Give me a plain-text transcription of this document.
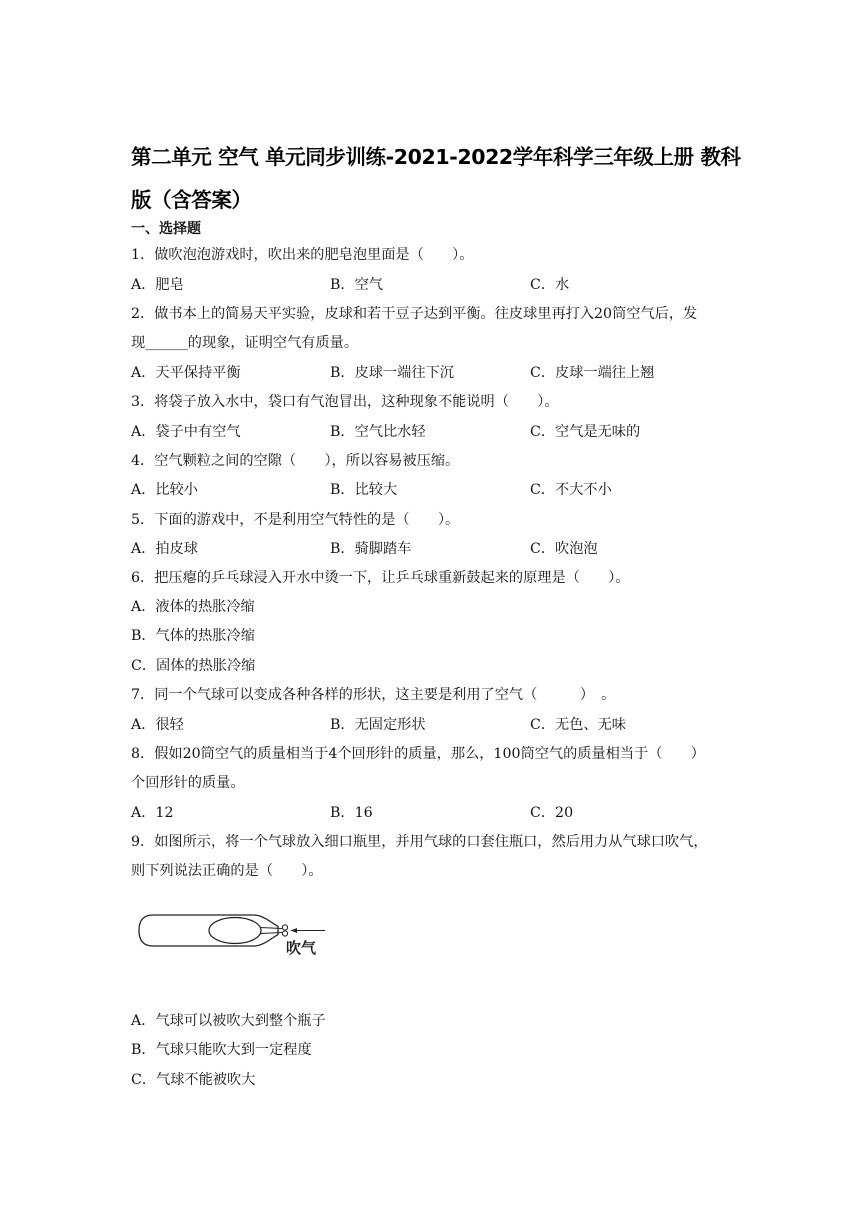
第二单元 空气 单元同步训练-2021-2022学年科学三年级上册 教科
版（含答案）
一、选择题
1．做吹泡泡游戏时，吹出来的肥皂泡里面是（　　）。
A．肥皂	B．空气	C．水
2．做书本上的简易天平实验，皮球和若干豆子达到平衡。往皮球里再打入20筒空气后，发
现______的现象，证明空气有质量。
A．天平保持平衡	B．皮球一端往下沉	C．皮球一端往上翘
3．将袋子放入水中，袋口有气泡冒出，这种现象不能说明（　　）。
A．袋子中有空气	B．空气比水轻	C．空气是无味的
4．空气颗粒之间的空隙（　　），所以容易被压缩。
A．比较小	B．比较大	C．不大不小
5．下面的游戏中，不是利用空气特性的是（　　）。
A．拍皮球	B．骑脚踏车	C．吹泡泡
6．把压瘪的乒乓球浸入开水中烫一下，让乒乓球重新鼓起来的原理是（　　）。
A．液体的热胀冷缩
B．气体的热胀冷缩
C．固体的热胀冷缩
7．同一个气球可以变成各种各样的形状，这主要是利用了空气（　　　）　。
A．很轻	B．无固定形状	C．无色、无味
8．假如20筒空气的质量相当于4个回形针的质量，那么，100筒空气的质量相当于（　　）
个回形针的质量。
A．12	B．16	C．20
9．如图所示，将一个气球放入细口瓶里，并用气球的口套住瓶口，然后用力从气球口吹气，
则下列说法正确的是（　　）。
吹气
A．气球可以被吹大到整个瓶子
B．气球只能吹大到一定程度
C．气球不能被吹大
